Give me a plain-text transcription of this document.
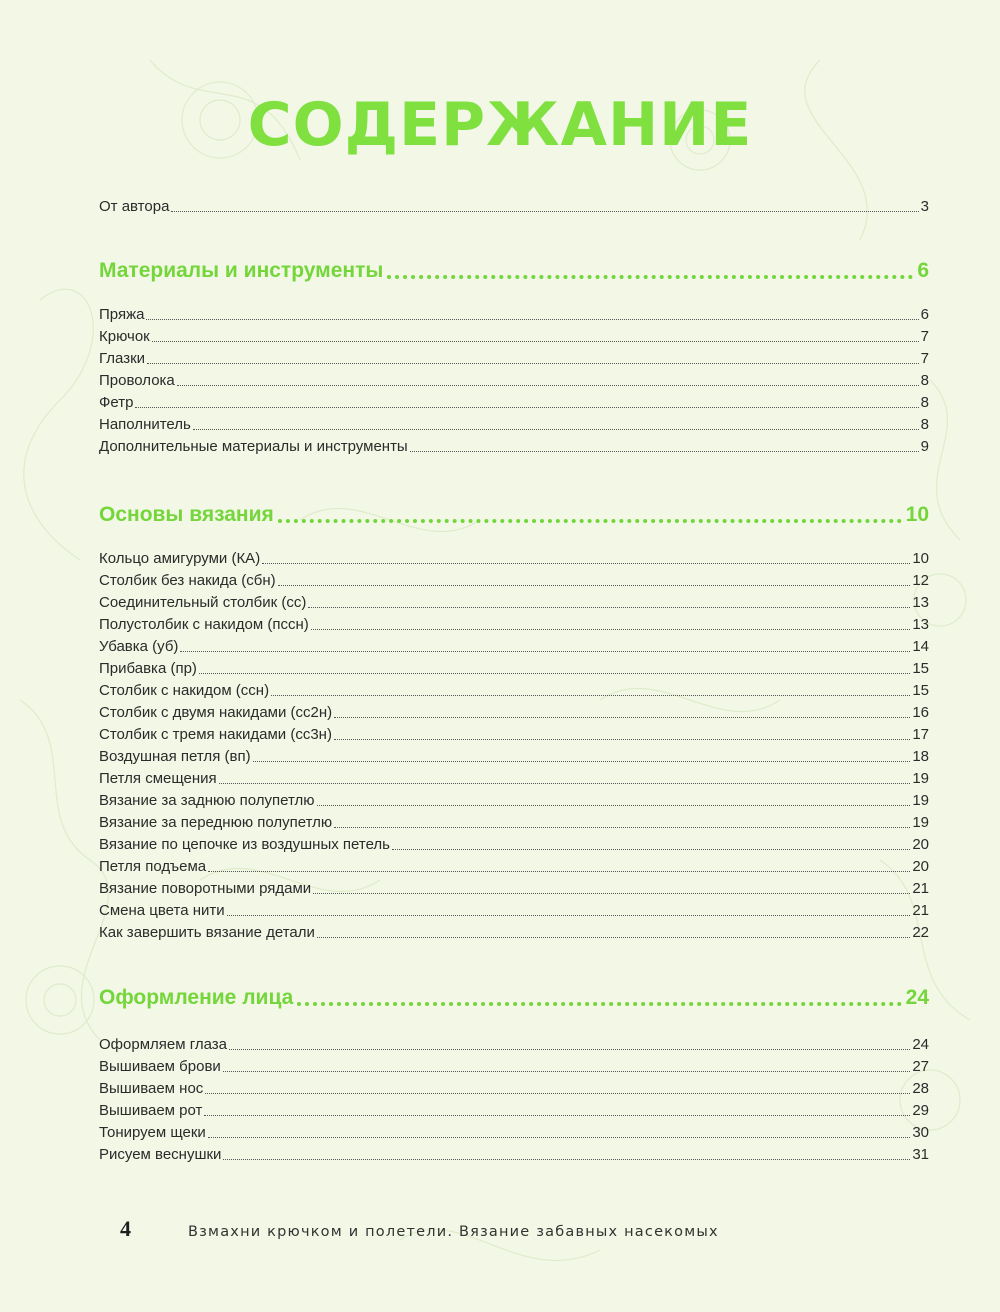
СОДЕРЖАНИЕ
От автора	3
Материалы и инструменты	6
Пряжа	6
Крючок	7
Глазки	7
Проволока	8
Фетр	8
Наполнитель	8
Дополнительные материалы и инструменты	9
Основы вязания	10
Кольцо амигуруми (КА)	10
Столбик без накида (сбн)	12
Соединительный столбик (сс)	13
Полустолбик с накидом (пссн)	13
Убавка (уб)	14
Прибавка (пр)	15
Столбик с накидом (ссн)	15
Столбик с двумя накидами (сс2н)	16
Столбик с тремя накидами (сс3н)	17
Воздушная петля (вп)	18
Петля смещения	19
Вязание за заднюю полупетлю	19
Вязание за переднюю полупетлю	19
Вязание по цепочке из воздушных петель	20
Петля подъема	20
Вязание поворотными рядами	21
Смена цвета нити	21
Как завершить вязание детали	22
Оформление лица	24
Оформляем глаза	24
Вышиваем брови	27
Вышиваем нос	28
Вышиваем рот	29
Тонируем щеки	30
Рисуем веснушки	31
4	Взмахни крючком и полетели. Вязание забавных насекомых
